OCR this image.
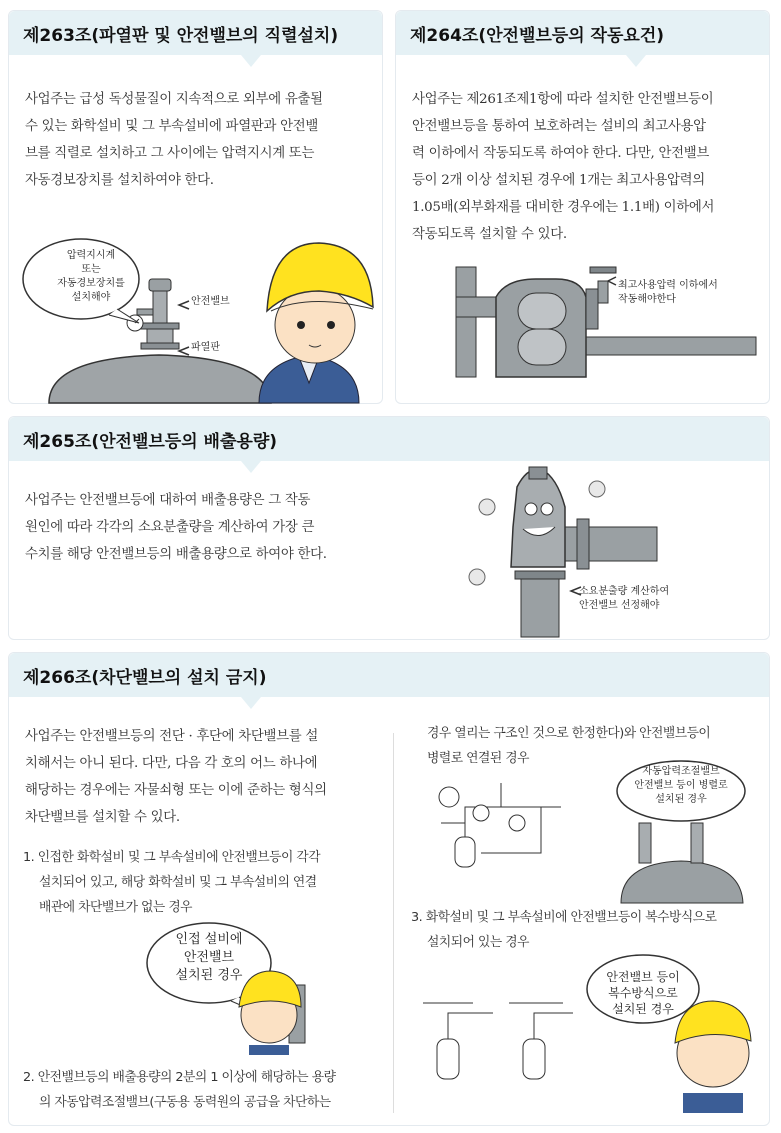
제263조(파열판 및 안전밸브의 직렬설치)
사업주는 급성 독성물질이 지속적으로 외부에 유출될
수 있는 화학설비 및 그 부속설비에 파열판과 안전밸
브를 직렬로 설치하고 그 사이에는 압력지시계 또는
자동경보장치를 설치하여야 한다.
압력지시계
또는
자동경보장치를
설치해야	안전밸브
파열판
제264조(안전밸브등의 작동요건)
사업주는 제261조제1항에 따라 설치한 안전밸브등이
안전밸브등을 통하여 보호하려는 설비의 최고사용압
력 이하에서 작동되도록 하여야 한다. 다만, 안전밸브
등이 2개 이상 설치된 경우에 1개는 최고사용압력의
1.05배(외부화재를 대비한 경우에는 1.1배) 이하에서
작동되도록 설치할 수 있다.
최고사용압력 이하에서
작동해야한다
제265조(안전밸브등의 배출용량)
사업주는 안전밸브등에 대하여 배출용량은 그 작동
원인에 따라 각각의 소요분출량을 계산하여 가장 큰
수치를 해당 안전밸브등의 배출용량으로 하여야 한다.
소요분출량 계산하여
안전밸브 선정해야
제266조(차단밸브의 설치 금지)
사업주는 안전밸브등의 전단 · 후단에 차단밸브를 설
치해서는 아니 된다. 다만, 다음 각 호의 어느 하나에
해당하는 경우에는 자물쇠형 또는 이에 준하는 형식의
차단밸브를 설치할 수 있다.
1. 인접한 화학설비 및 그 부속설비에 안전밸브등이 각각
설치되어 있고, 해당 화학설비 및 그 부속설비의 연결
배관에 차단밸브가 없는 경우
인접 설비에
안전밸브
설치된 경우
2. 안전밸브등의 배출용량의 2분의 1 이상에 해당하는 용량
의 자동압력조절밸브(구동용 동력원의 공급을 차단하는
경우 열리는 구조인 것으로 한정한다)와 안전밸브등이
병렬로 연결된 경우
자동압력조절밸브
안전밸브 등이 병렬로
설치된 경우
3. 화학설비 및 그 부속설비에 안전밸브등이 복수방식으로
설치되어 있는 경우
안전밸브 등이
복수방식으로
설치된 경우
